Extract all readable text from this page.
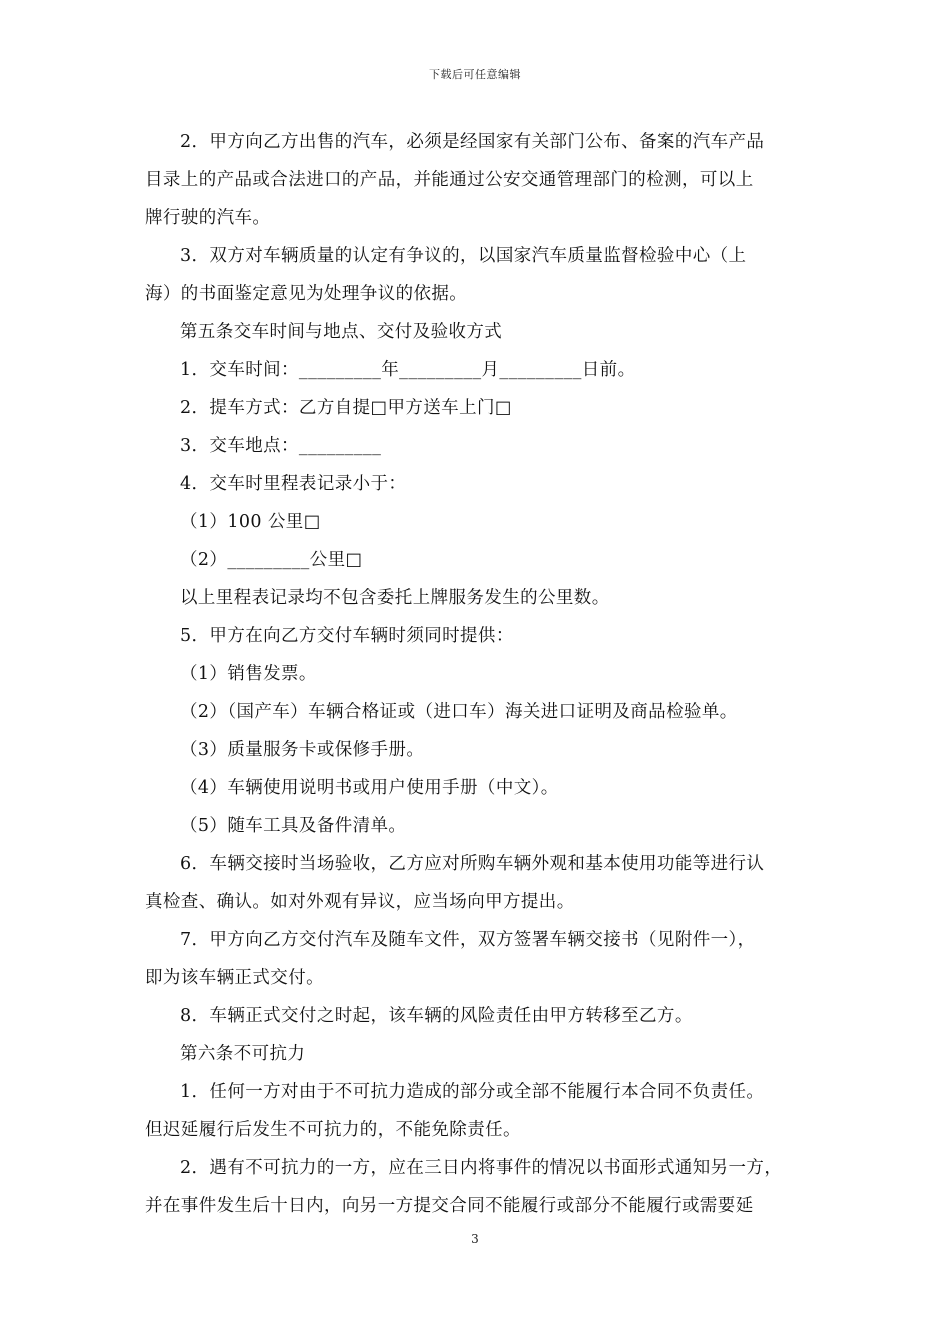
下载后可任意编辑
2．甲方向乙方出售的汽车，必须是经国家有关部门公布、备案的汽车产品
目录上的产品或合法进口的产品，并能通过公安交通管理部门的检测，可以上
牌行驶的汽车。
3．双方对车辆质量的认定有争议的，以国家汽车质量监督检验中心（上
海）的书面鉴定意见为处理争议的依据。
第五条交车时间与地点、交付及验收方式
1．交车时间：_________年_________月_________日前。
2．提车方式：乙方自提□甲方送车上门□
3．交车地点：_________
4．交车时里程表记录小于：
（1）100 公里□
（2）_________公里□
以上里程表记录均不包含委托上牌服务发生的公里数。
5．甲方在向乙方交付车辆时须同时提供：
（1）销售发票。
（2）（国产车）车辆合格证或（进口车）海关进口证明及商品检验单。
（3）质量服务卡或保修手册。
（4）车辆使用说明书或用户使用手册（中文）。
（5）随车工具及备件清单。
6．车辆交接时当场验收，乙方应对所购车辆外观和基本使用功能等进行认
真检查、确认。如对外观有异议，应当场向甲方提出。
7．甲方向乙方交付汽车及随车文件，双方签署车辆交接书（见附件一），
即为该车辆正式交付。
8．车辆正式交付之时起，该车辆的风险责任由甲方转移至乙方。
第六条不可抗力
1．任何一方对由于不可抗力造成的部分或全部不能履行本合同不负责任。
但迟延履行后发生不可抗力的，不能免除责任。
2．遇有不可抗力的一方，应在三日内将事件的情况以书面形式通知另一方，
并在事件发生后十日内，向另一方提交合同不能履行或部分不能履行或需要延
3
